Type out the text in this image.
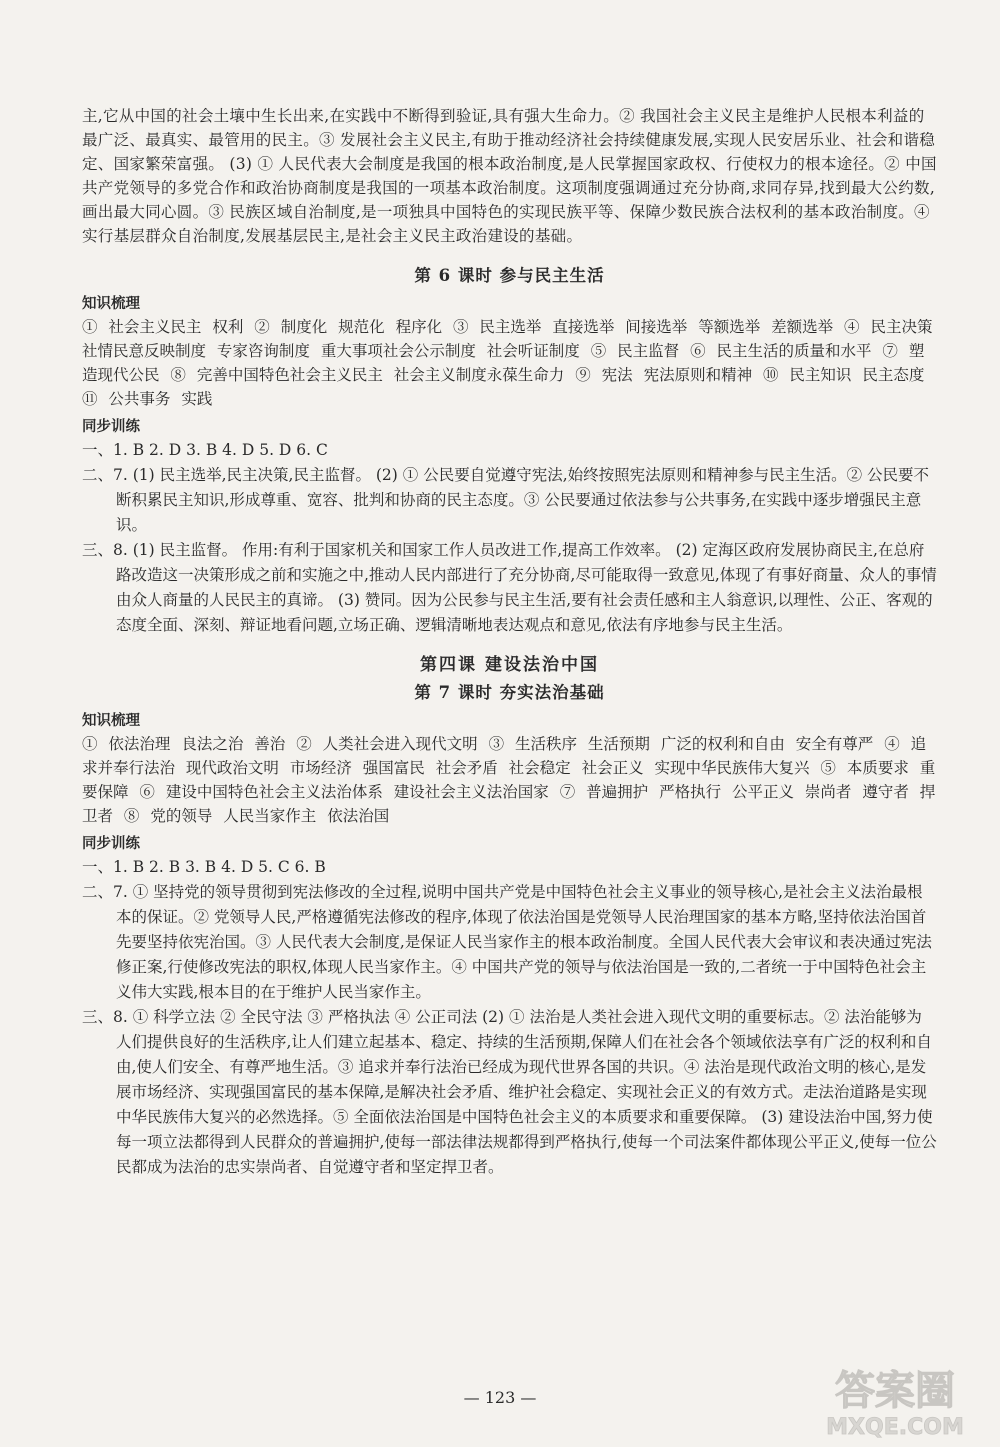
主,它从中国的社会土壤中生长出来,在实践中不断得到验证,具有强大生命力。② 我国社会主义民主是维护人民根本利益的最广泛、最真实、最管用的民主。③ 发展社会主义民主,有助于推动经济社会持续健康发展,实现人民安居乐业、社会和谐稳定、国家繁荣富强。 (3) ① 人民代表大会制度是我国的根本政治制度,是人民掌握国家政权、行使权力的根本途径。② 中国共产党领导的多党合作和政治协商制度是我国的一项基本政治制度。这项制度强调通过充分协商,求同存异,找到最大公约数,画出最大同心圆。③ 民族区域自治制度,是一项独具中国特色的实现民族平等、保障少数民族合法权利的基本政治制度。④ 实行基层群众自治制度,发展基层民主,是社会主义民主政治建设的基础。

第 6 课时 参与民主生活
知识梳理

① 社会主义民主 权利 ② 制度化 规范化 程序化 ③ 民主选举 直接选举 间接选举 等额选举 差额选举 ④ 民主决策 社情民意反映制度 专家咨询制度 重大事项社会公示制度 社会听证制度 ⑤ 民主监督 ⑥ 民主生活的质量和水平 ⑦ 塑造现代公民 ⑧ 完善中国特色社会主义民主 社会主义制度永葆生命力 ⑨ 宪法 宪法原则和精神 ⑩ 民主知识 民主态度 ⑪ 公共事务 实践

同步训练

一、1. B 2. D 3. B 4. D 5. D 6. C

二、7. (1) 民主选举,民主决策,民主监督。 (2) ① 公民要自觉遵守宪法,始终按照宪法原则和精神参与民主生活。② 公民要不断积累民主知识,形成尊重、宽容、批判和协商的民主态度。③ 公民要通过依法参与公共事务,在实践中逐步增强民主意识。

三、8. (1) 民主监督。 作用:有利于国家机关和国家工作人员改进工作,提高工作效率。 (2) 定海区政府发展协商民主,在总府路改造这一决策形成之前和实施之中,推动人民内部进行了充分协商,尽可能取得一致意见,体现了有事好商量、众人的事情由众人商量的人民民主的真谛。 (3) 赞同。因为公民参与民主生活,要有社会责任感和主人翁意识,以理性、公正、客观的态度全面、深刻、辩证地看问题,立场正确、逻辑清晰地表达观点和意见,依法有序地参与民主生活。

第四课 建设法治中国
第 7 课时 夯实法治基础
知识梳理

① 依法治理 良法之治 善治 ② 人类社会进入现代文明 ③ 生活秩序 生活预期 广泛的权利和自由 安全有尊严 ④ 追求并奉行法治 现代政治文明 市场经济 强国富民 社会矛盾 社会稳定 社会正义 实现中华民族伟大复兴 ⑤ 本质要求 重要保障 ⑥ 建设中国特色社会主义法治体系 建设社会主义法治国家 ⑦ 普遍拥护 严格执行 公平正义 崇尚者 遵守者 捍卫者 ⑧ 党的领导 人民当家作主 依法治国

同步训练

一、1. B 2. B 3. B 4. D 5. C 6. B

二、7. ① 坚持党的领导贯彻到宪法修改的全过程,说明中国共产党是中国特色社会主义事业的领导核心,是社会主义法治最根本的保证。② 党领导人民,严格遵循宪法修改的程序,体现了依法治国是党领导人民治理国家的基本方略,坚持依法治国首先要坚持依宪治国。③ 人民代表大会制度,是保证人民当家作主的根本政治制度。全国人民代表大会审议和表决通过宪法修正案,行使修改宪法的职权,体现人民当家作主。④ 中国共产党的领导与依法治国是一致的,二者统一于中国特色社会主义伟大实践,根本目的在于维护人民当家作主。

三、8. ① 科学立法 ② 全民守法 ③ 严格执法 ④ 公正司法 (2) ① 法治是人类社会进入现代文明的重要标志。② 法治能够为人们提供良好的生活秩序,让人们建立起基本、稳定、持续的生活预期,保障人们在社会各个领域依法享有广泛的权利和自由,使人们安全、有尊严地生活。③ 追求并奉行法治已经成为现代世界各国的共识。④ 法治是现代政治文明的核心,是发展市场经济、实现强国富民的基本保障,是解决社会矛盾、维护社会稳定、实现社会正义的有效方式。走法治道路是实现中华民族伟大复兴的必然选择。⑤ 全面依法治国是中国特色社会主义的本质要求和重要保障。 (3) 建设法治中国,努力使每一项立法都得到人民群众的普遍拥护,使每一部法律法规都得到严格执行,使每一个司法案件都体现公平正义,使每一位公民都成为法治的忠实崇尚者、自觉遵守者和坚定捍卫者。

— 123 —	答案圈
MXQE.COM
